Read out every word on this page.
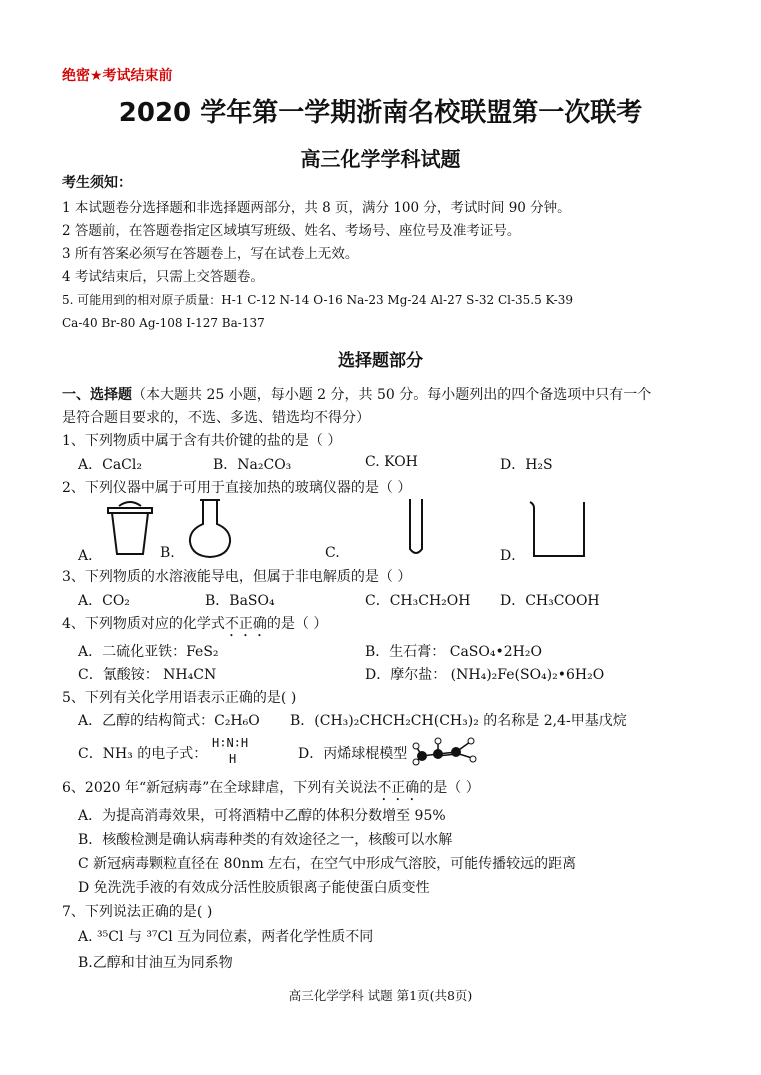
绝密★考试结束前
2020 学年第一学期浙南名校联盟第一次联考
高三化学学科试题
考生须知：
1 本试题卷分选择题和非选择题两部分，共 8 页，满分 100 分，考试时间 90 分钟。
2 答题前，在答题卷指定区域填写班级、姓名、考场号、座位号及准考证号。
3 所有答案必须写在答题卷上，写在试卷上无效。
4 考试结束后，只需上交答题卷。
5. 可能用到的相对原子质量：H-1 C-12 N-14 O-16 Na-23 Mg-24 Al-27 S-32 Cl-35.5 K-39
Ca-40 Br-80 Ag-108 I-127 Ba-137
选择题部分
一、选择题（本大题共 25 小题，每小题 2 分，共 50 分。每小题列出的四个备选项中只有一个
是符合题目要求的，不选、多选、错选均不得分）
1、下列物质中属于含有共价键的盐的是（ ）
A．CaCl₂	B．Na₂CO₃	C. KOH	D．H₂S
2、下列仪器中属于可用于直接加热的玻璃仪器的是（ ）
A．	B.	C.	D．
3、下列物质的水溶液能导电，但属于非电解质的是（ ）
A．CO₂	B．BaSO₄	C．CH₃CH₂OH D．CH₃COOH
4、下列物质对应的化学式不正确的是（ ）
A．二硫化亚铁：FeS₂	B．生石膏： CaSO₄•2H₂O
C．氰酸铵： NH₄CN	D．摩尔盐： (NH₄)₂Fe(SO₄)₂•6H₂O
5、下列有关化学用语表示正确的是( )
A．乙醇的结构简式：C₂H₆O B．(CH₃)₂CHCH₂CH(CH₃)₂ 的名称是 2,4-甲基戊烷
C．NH₃ 的电子式：
H∶N∶H
H	D．丙烯球棍模型
6、2020 年“新冠病毒”在全球肆虐，下列有关说法不正确的是（ ）
A．为提高消毒效果，可将酒精中乙醇的体积分数增至 95%
B．核酸检测是确认病毒种类的有效途径之一，核酸可以水解
C 新冠病毒颗粒直径在 80nm 左右，在空气中形成气溶胶，可能传播较远的距离
D 免洗洗手液的有效成分活性胶质银离子能使蛋白质变性
7、下列说法正确的是( )
A. ³⁵Cl 与 ³⁷Cl 互为同位素，两者化学性质不同
B.乙醇和甘油互为同系物
高三化学学科 试题 第1页(共8页)
